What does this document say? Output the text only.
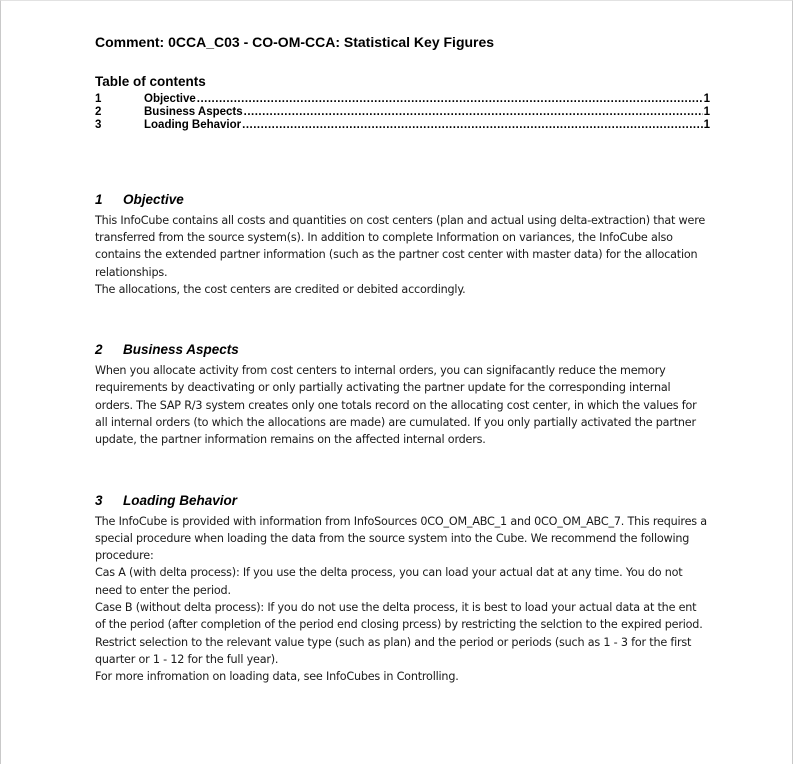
Comment: 0CCA_C03 - CO-OM-CCA: Statistical Key Figures
Table of contents
1	Objective .....	1
2	Business Aspects .....	1
3	Loading Behavior .....	1
1	Objective

This InfoCube contains all costs and quantities on cost centers (plan and actual using delta-extraction) that were transferred from the source system(s). In addition to complete Information on variances, the InfoCube also contains the extended partner information (such as the partner cost center with master data) for the allocation relationships.

The allocations, the cost centers are credited or debited accordingly.

2	Business Aspects

When you allocate activity from cost centers to internal orders, you can signifacantly reduce the memory requirements by deactivating or only partially activating the partner update for the corresponding internal orders. The SAP R/3 system creates only one totals record on the allocating cost center, in which the values for all internal orders (to which the allocations are made) are cumulated. If you only partially activated the partner update, the partner information remains on the affected internal orders.

3	Loading Behavior

The InfoCube is provided with information from InfoSources 0CO_OM_ABC_1 and 0CO_OM_ABC_7. This requires a special procedure when loading the data from the source system into the Cube. We recommend the following procedure:

Cas A (with delta process): If you use the delta process, you can load your actual dat at any time. You do not need to enter the period.

Case B (without delta process): If you do not use the delta process, it is best to load your actual data at the ent of the period (after completion of the period end closing prcess) by restricting the selction to the expired period.

Restrict selection to the relevant value type (such as plan) and the period or periods (such as 1 - 3 for the first quarter or 1 - 12 for the full year).

For more infromation on loading data, see InfoCubes in Controlling.
